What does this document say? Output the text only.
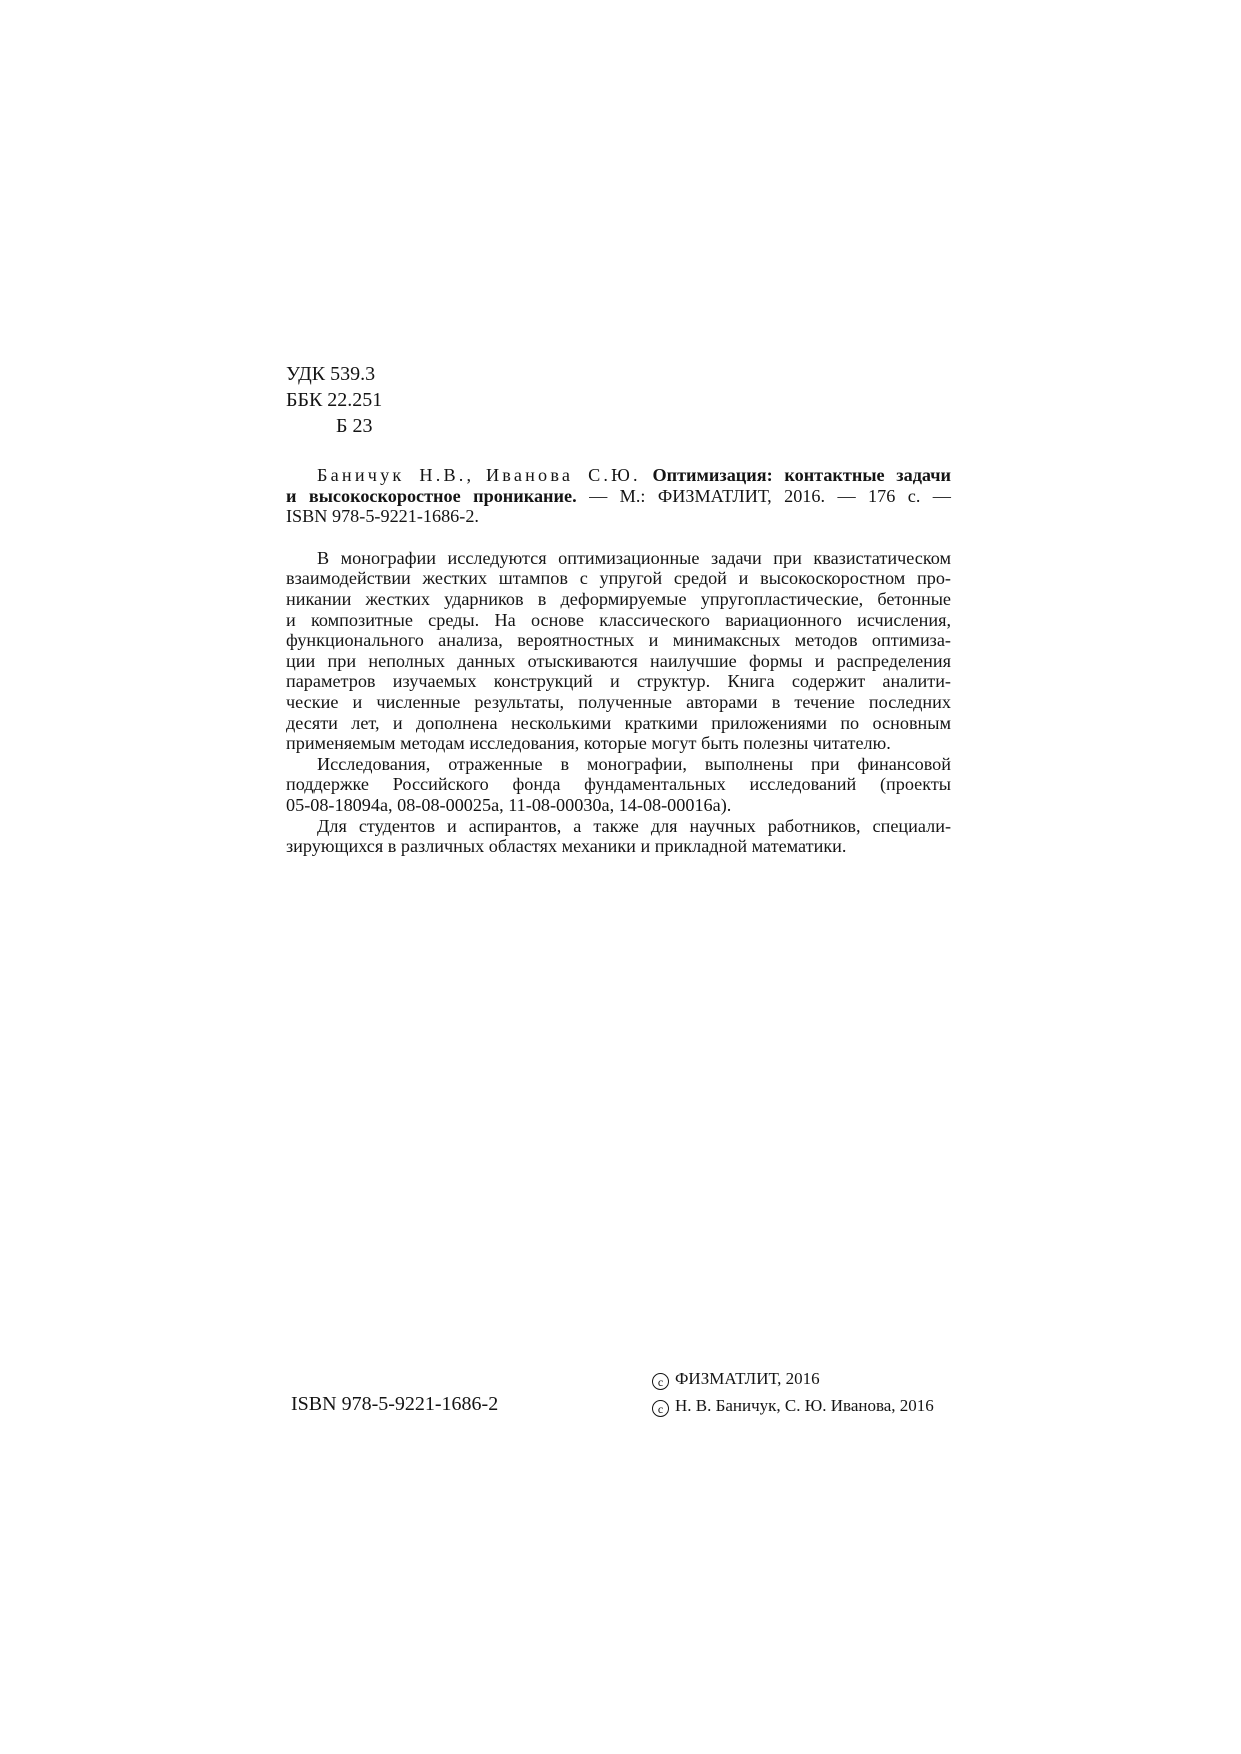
УДК 539.3
ББК 22.251
Б 23

Баничук Н.В., Иванова С.Ю. Оптимизация: контактные задачи
и высокоскоростное проникание. — М.: ФИЗМАТЛИТ, 2016. — 176 с. —
ISBN 978-5-9221-1686-2.

В монографии исследуются оптимизационные задачи при квазистатическом
взаимодействии жестких штампов с упругой средой и высокоскоростном про-
никании жестких ударников в деформируемые упругопластические, бетонные
и композитные среды. На основе классического вариационного исчисления,
функционального анализа, вероятностных и минимаксных методов оптимиза-
ции при неполных данных отыскиваются наилучшие формы и распределения
параметров изучаемых конструкций и структур. Книга содержит аналити-
ческие и численные результаты, полученные авторами в течение последних
десяти лет, и дополнена несколькими краткими приложениями по основным
применяемым методам исследования, которые могут быть полезны читателю.

Исследования, отраженные в монографии, выполнены при финансовой
поддержке Российского фонда фундаментальных исследований (проекты
05-08-18094а, 08-08-00025а, 11-08-00030а, 14-08-00016а).

Для студентов и аспирантов, а также для научных работников, специали-
зирующихся в различных областях механики и прикладной математики.

ISBN 978-5-9221-1686-2
c ФИЗМАТЛИТ, 2016
c Н. В. Баничук, С. Ю. Иванова, 2016
